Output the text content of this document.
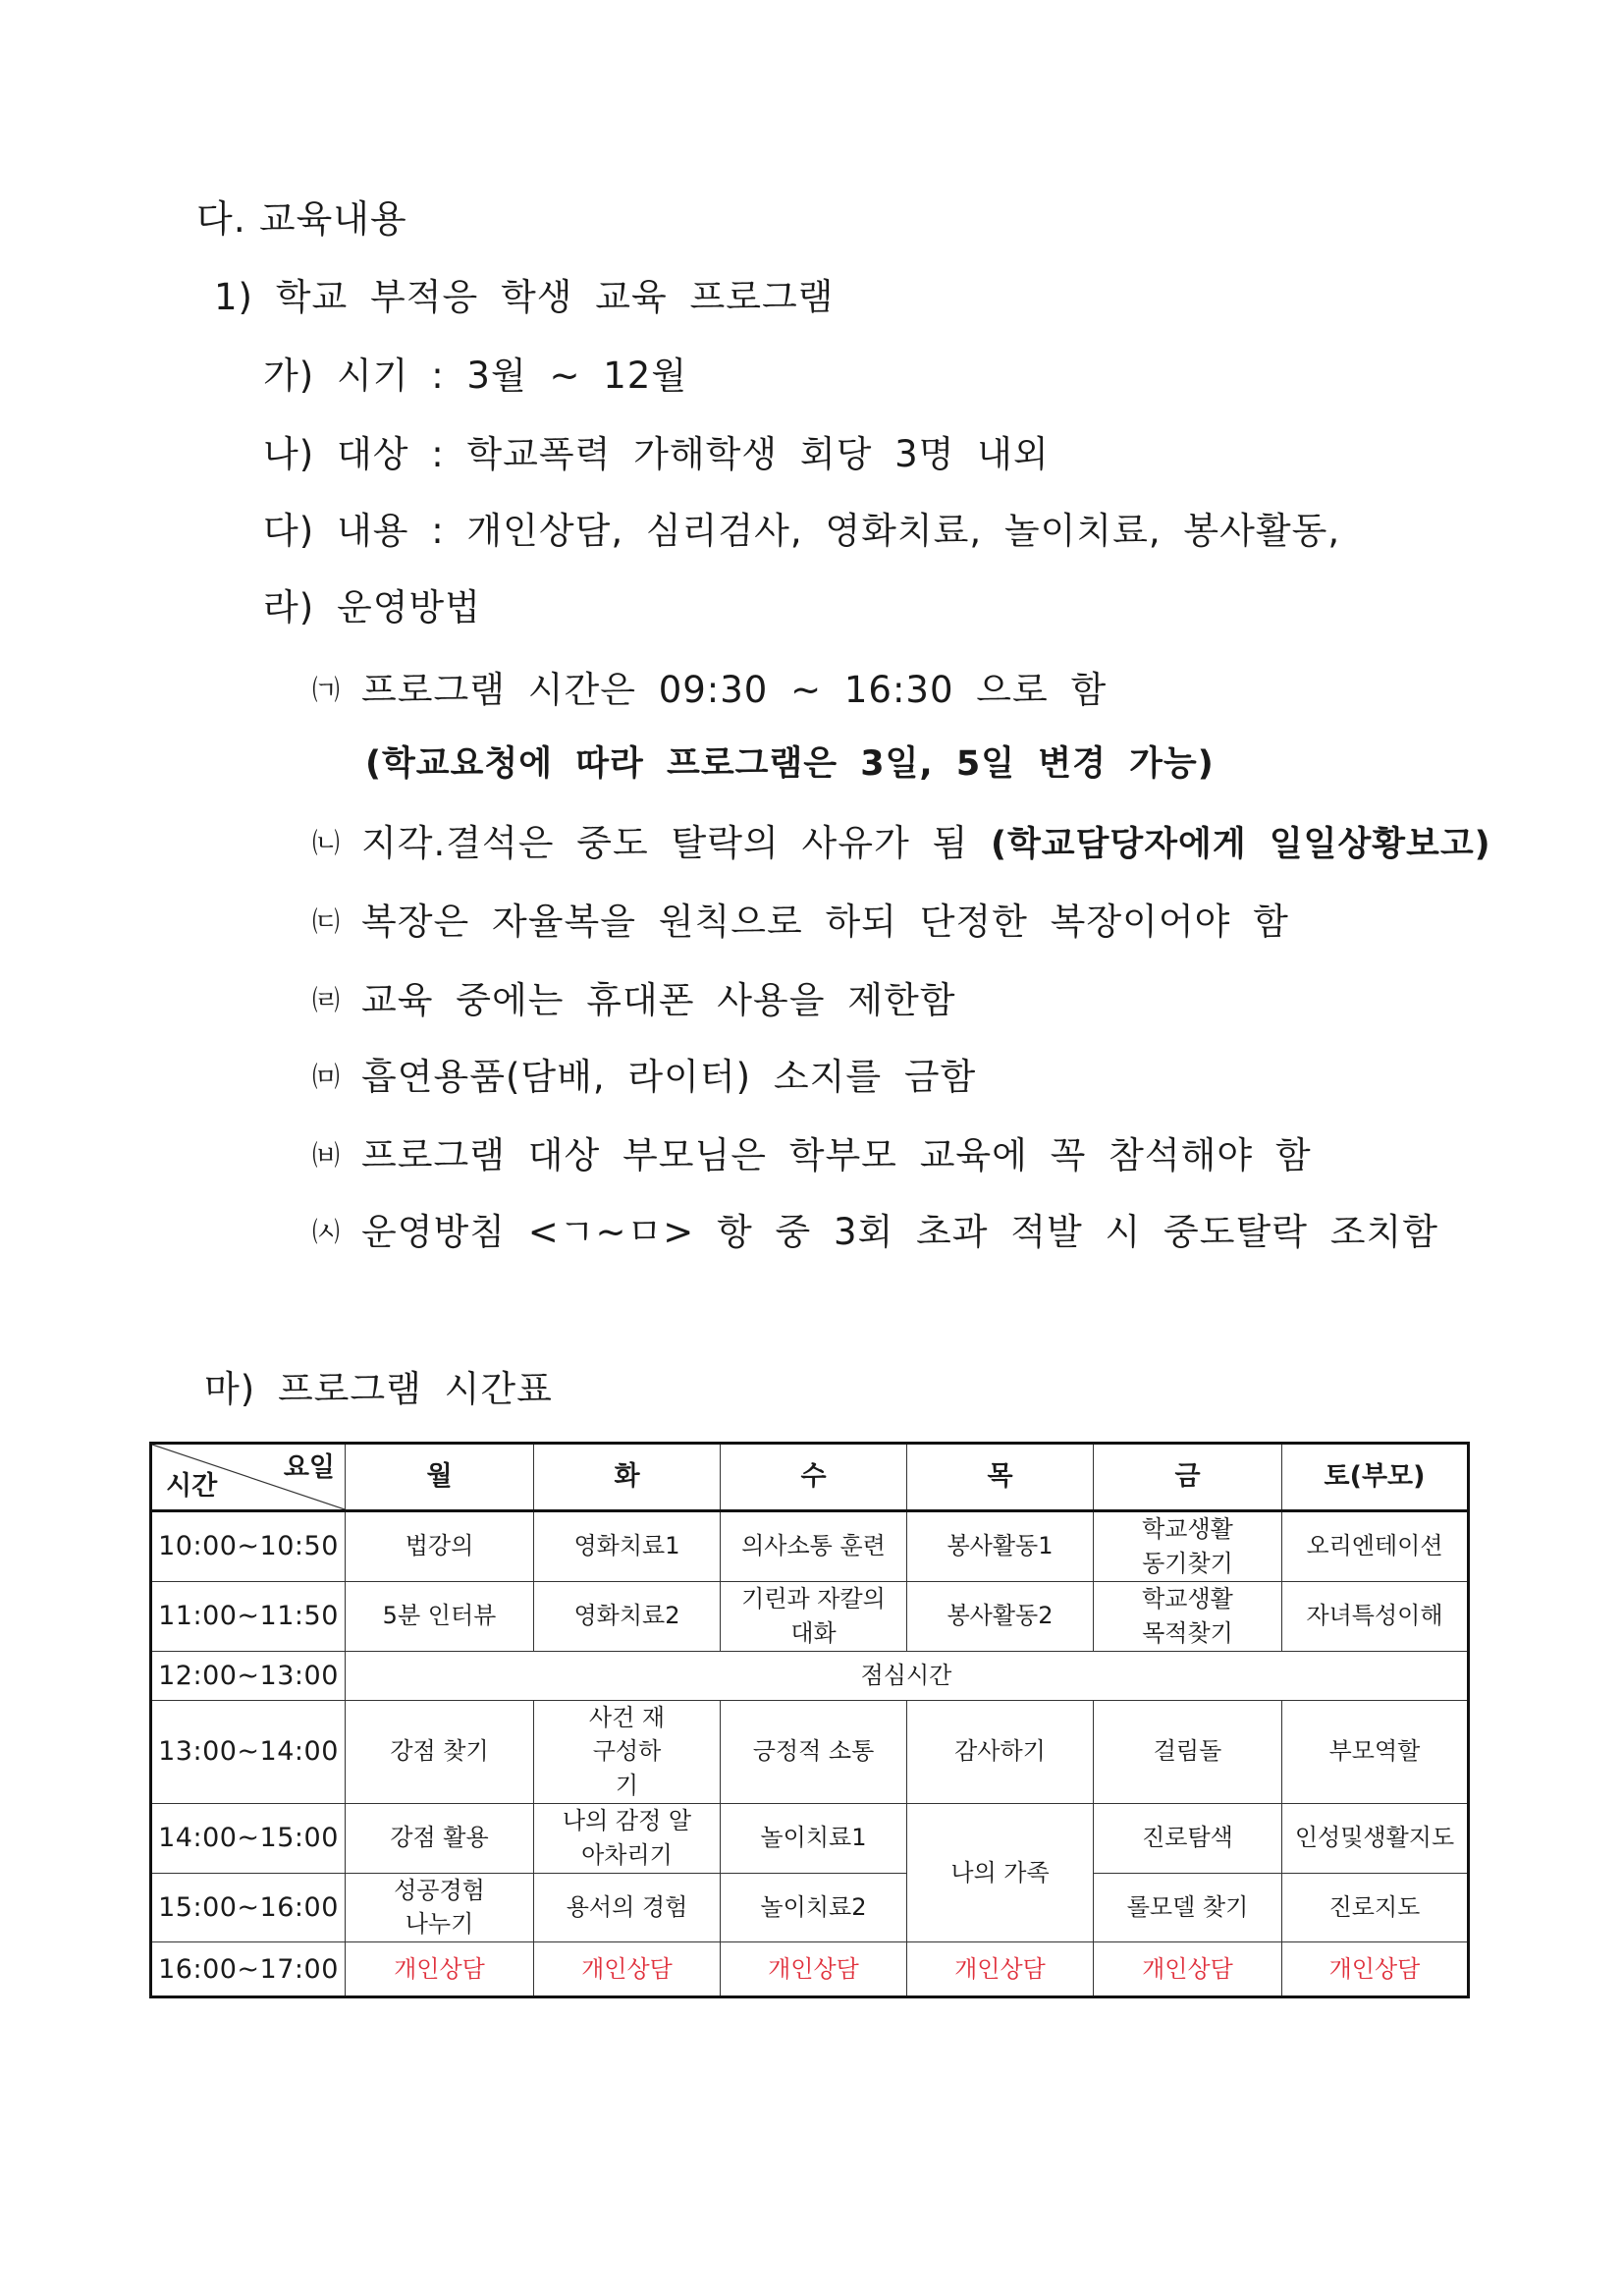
다. 교육내용
1) 학교 부적응 학생 교육 프로그램
가) 시기 : 3월 ~ 12월
나) 대상 : 학교폭력 가해학생 회당 3명 내외
다) 내용 : 개인상담, 심리검사, 영화치료, 놀이치료, 봉사활동,
라) 운영방법
㈀ 프로그램 시간은 09:30 ~ 16:30 으로 함
(학교요청에 따라 프로그램은 3일, 5일 변경 가능)
㈁ 지각.결석은 중도 탈락의 사유가 됨 (학교담당자에게 일일상황보고)
㈂ 복장은 자율복을 원칙으로 하되 단정한 복장이어야 함
㈃ 교육 중에는 휴대폰 사용을 제한함
㈄ 흡연용품(담배, 라이터) 소지를 금함
㈅ 프로그램 대상 부모님은 학부모 교육에 꼭 참석해야 함
㈆ 운영방침 <ㄱ~ㅁ> 항 중 3회 초과 적발 시 중도탈락 조치함
마) 프로그램 시간표
요일
시간	월	화	수	목	금	토(부모)
10:00~10:50	법강의	영화치료1	의사소통 훈련	봉사활동1	학교생활 동기찾기	오리엔테이션
11:00~11:50	5분 인터뷰	영화치료2	기린과 자칼의 대화	봉사활동2	학교생활 목적찾기	자녀특성이해
12:00~13:00	점심시간					
13:00~14:00	강점 찾기	사건 재구성하기	긍정적 소통	감사하기	걸림돌	부모역할
14:00~15:00	강점 활용	나의 감정 알아차리기	놀이치료1	나의 가족	진로탐색	인성및생활지도
15:00~16:00	성공경험 나누기	용서의 경험	놀이치료2		롤모델 찾기	진로지도
16:00~17:00	개인상담	개인상담	개인상담	개인상담	개인상담	개인상담
